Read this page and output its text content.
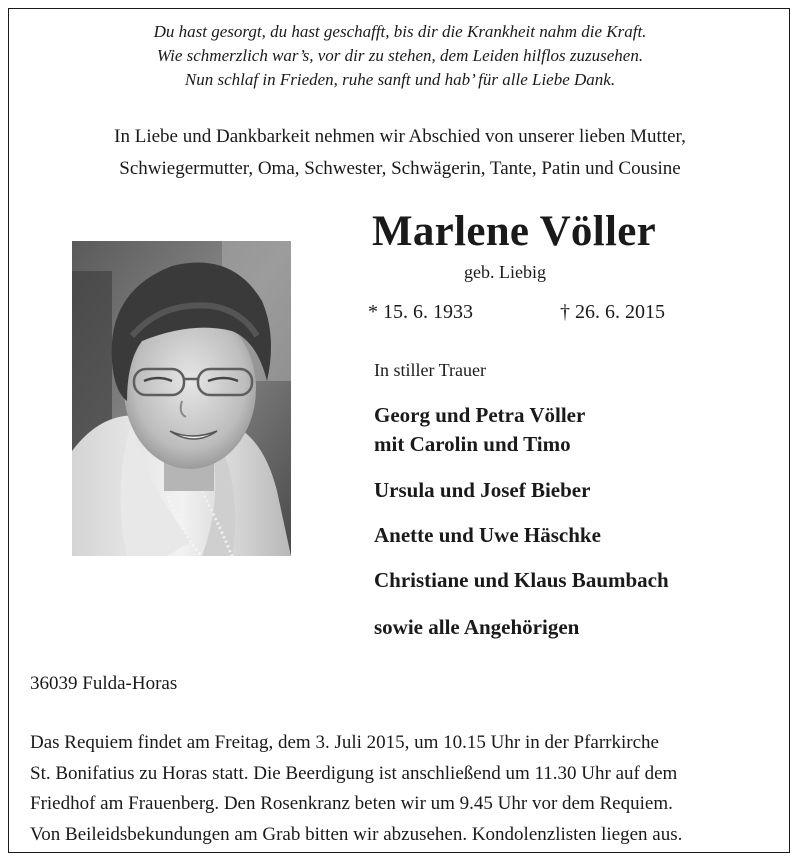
Du hast gesorgt, du hast geschafft, bis dir die Krankheit nahm die Kraft.
Wie schmerzlich war’s, vor dir zu stehen, dem Leiden hilflos zuzusehen.
Nun schlaf in Frieden, ruhe sanft und hab’ für alle Liebe Dank.
In Liebe und Dankbarkeit nehmen wir Abschied von unserer lieben Mutter,
Schwiegermutter, Oma, Schwester, Schwägerin, Tante, Patin und Cousine
Marlene Völler
geb. Liebig
* 15. 6. 1933	† 26. 6. 2015
In stiller Trauer
Georg und Petra Völler
mit Carolin und Timo
Ursula und Josef Bieber
Anette und Uwe Häschke
Christiane und Klaus Baumbach
sowie alle Angehörigen
36039 Fulda-Horas
Das Requiem findet am Freitag, dem 3. Juli 2015, um 10.15 Uhr in der Pfarrkirche
St. Bonifatius zu Horas statt. Die Beerdigung ist anschließend um 11.30 Uhr auf dem
Friedhof am Frauenberg. Den Rosenkranz beten wir um 9.45 Uhr vor dem Requiem.
Von Beileidsbekundungen am Grab bitten wir abzusehen. Kondolenzlisten liegen aus.
